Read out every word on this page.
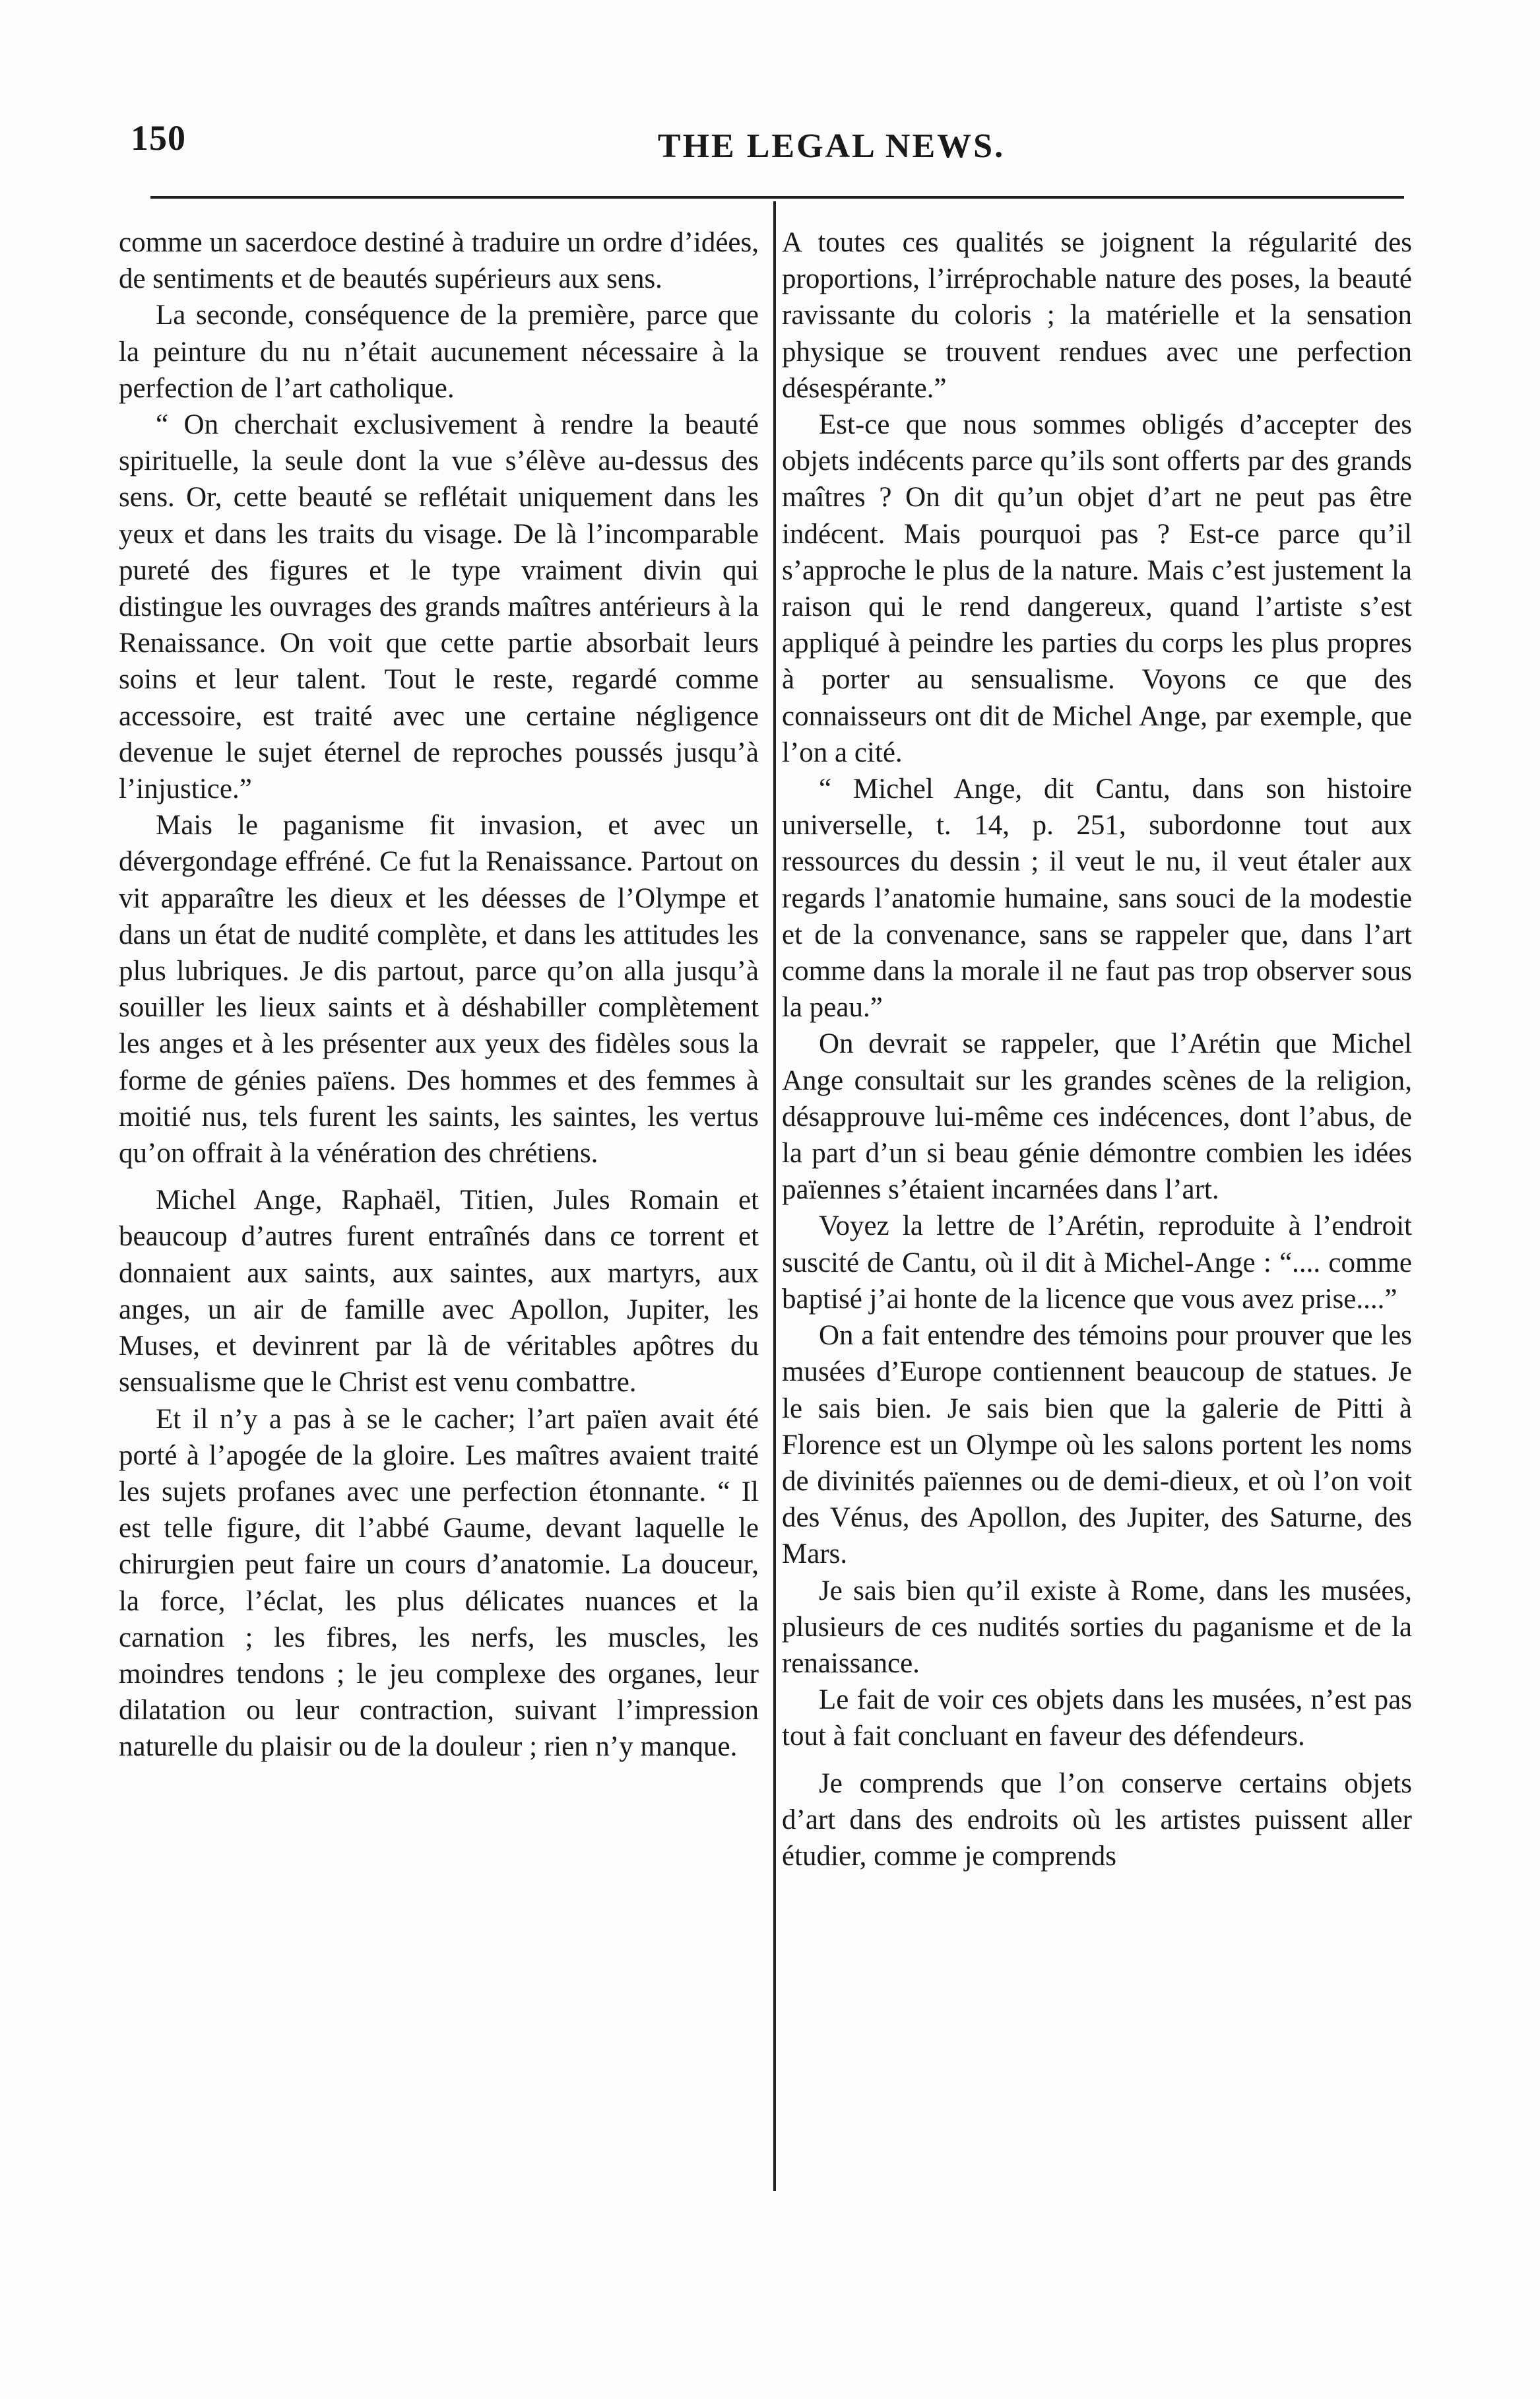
150	THE LEGAL NEWS.

comme un sacerdoce destiné à traduire un ordre d’idées, de sentiments et de beautés supérieurs aux sens.

La seconde, conséquence de la première, parce que la peinture du nu n’était aucunement nécessaire à la perfection de l’art catholique.

“ On cherchait exclusivement à rendre la beauté spirituelle, la seule dont la vue s’élève au-dessus des sens. Or, cette beauté se reflétait uniquement dans les yeux et dans les traits du visage. De là l’incomparable pureté des figures et le type vraiment divin qui distingue les ouvrages des grands maîtres antérieurs à la Renaissance. On voit que cette partie absorbait leurs soins et leur talent. Tout le reste, regardé comme accessoire, est traité avec une certaine négligence devenue le sujet éternel de reproches poussés jusqu’à l’injustice.”

Mais le paganisme fit invasion, et avec un dévergondage effréné. Ce fut la Renaissance. Partout on vit apparaître les dieux et les déesses de l’Olympe et dans un état de nudité complète, et dans les attitudes les plus lubriques. Je dis partout, parce qu’on alla jusqu’à souiller les lieux saints et à déshabiller complètement les anges et à les présenter aux yeux des fidèles sous la forme de génies païens. Des hommes et des femmes à moitié nus, tels furent les saints, les saintes, les vertus qu’on offrait à la vénération des chrétiens.

Michel Ange, Raphaël, Titien, Jules Romain et beaucoup d’autres furent entraînés dans ce torrent et donnaient aux saints, aux saintes, aux martyrs, aux anges, un air de famille avec Apollon, Jupiter, les Muses, et devinrent par là de véritables apôtres du sensualisme que le Christ est venu combattre.

Et il n’y a pas à se le cacher; l’art païen avait été porté à l’apogée de la gloire. Les maîtres avaient traité les sujets profanes avec une perfection étonnante. “ Il est telle figure, dit l’abbé Gaume, devant laquelle le chirurgien peut faire un cours d’anatomie. La douceur, la force, l’éclat, les plus délicates nuances et la carnation ; les fibres, les nerfs, les muscles, les moindres tendons ; le jeu complexe des organes, leur dilatation ou leur contraction, suivant l’impression naturelle du plaisir ou de la douleur ; rien n’y manque.

A toutes ces qualités se joignent la régularité des proportions, l’irréprochable nature des poses, la beauté ravissante du coloris ; la matérielle et la sensation physique se trouvent rendues avec une perfection désespérante.”

Est-ce que nous sommes obligés d’accepter des objets indécents parce qu’ils sont offerts par des grands maîtres ? On dit qu’un objet d’art ne peut pas être indécent. Mais pourquoi pas ? Est-ce parce qu’il s’approche le plus de la nature. Mais c’est justement la raison qui le rend dangereux, quand l’artiste s’est appliqué à peindre les parties du corps les plus propres à porter au sensualisme. Voyons ce que des connaisseurs ont dit de Michel Ange, par exemple, que l’on a cité.

“ Michel Ange, dit Cantu, dans son histoire universelle, t. 14, p. 251, subordonne tout aux ressources du dessin ; il veut le nu, il veut étaler aux regards l’anatomie humaine, sans souci de la modestie et de la convenance, sans se rappeler que, dans l’art comme dans la morale il ne faut pas trop observer sous la peau.”

On devrait se rappeler, que l’Arétin que Michel Ange consultait sur les grandes scènes de la religion, désapprouve lui-même ces indécences, dont l’abus, de la part d’un si beau génie démontre combien les idées païennes s’étaient incarnées dans l’art.

Voyez la lettre de l’Arétin, reproduite à l’endroit suscité de Cantu, où il dit à Michel-Ange : “.... comme baptisé j’ai honte de la licence que vous avez prise....”

On a fait entendre des témoins pour prouver que les musées d’Europe contiennent beaucoup de statues. Je le sais bien. Je sais bien que la galerie de Pitti à Florence est un Olympe où les salons portent les noms de divinités païennes ou de demi-dieux, et où l’on voit des Vénus, des Apollon, des Jupiter, des Saturne, des Mars.

Je sais bien qu’il existe à Rome, dans les musées, plusieurs de ces nudités sorties du paganisme et de la renaissance.

Le fait de voir ces objets dans les musées, n’est pas tout à fait concluant en faveur des défendeurs.

Je comprends que l’on conserve certains objets d’art dans des endroits où les artistes puissent aller étudier, comme je comprends
